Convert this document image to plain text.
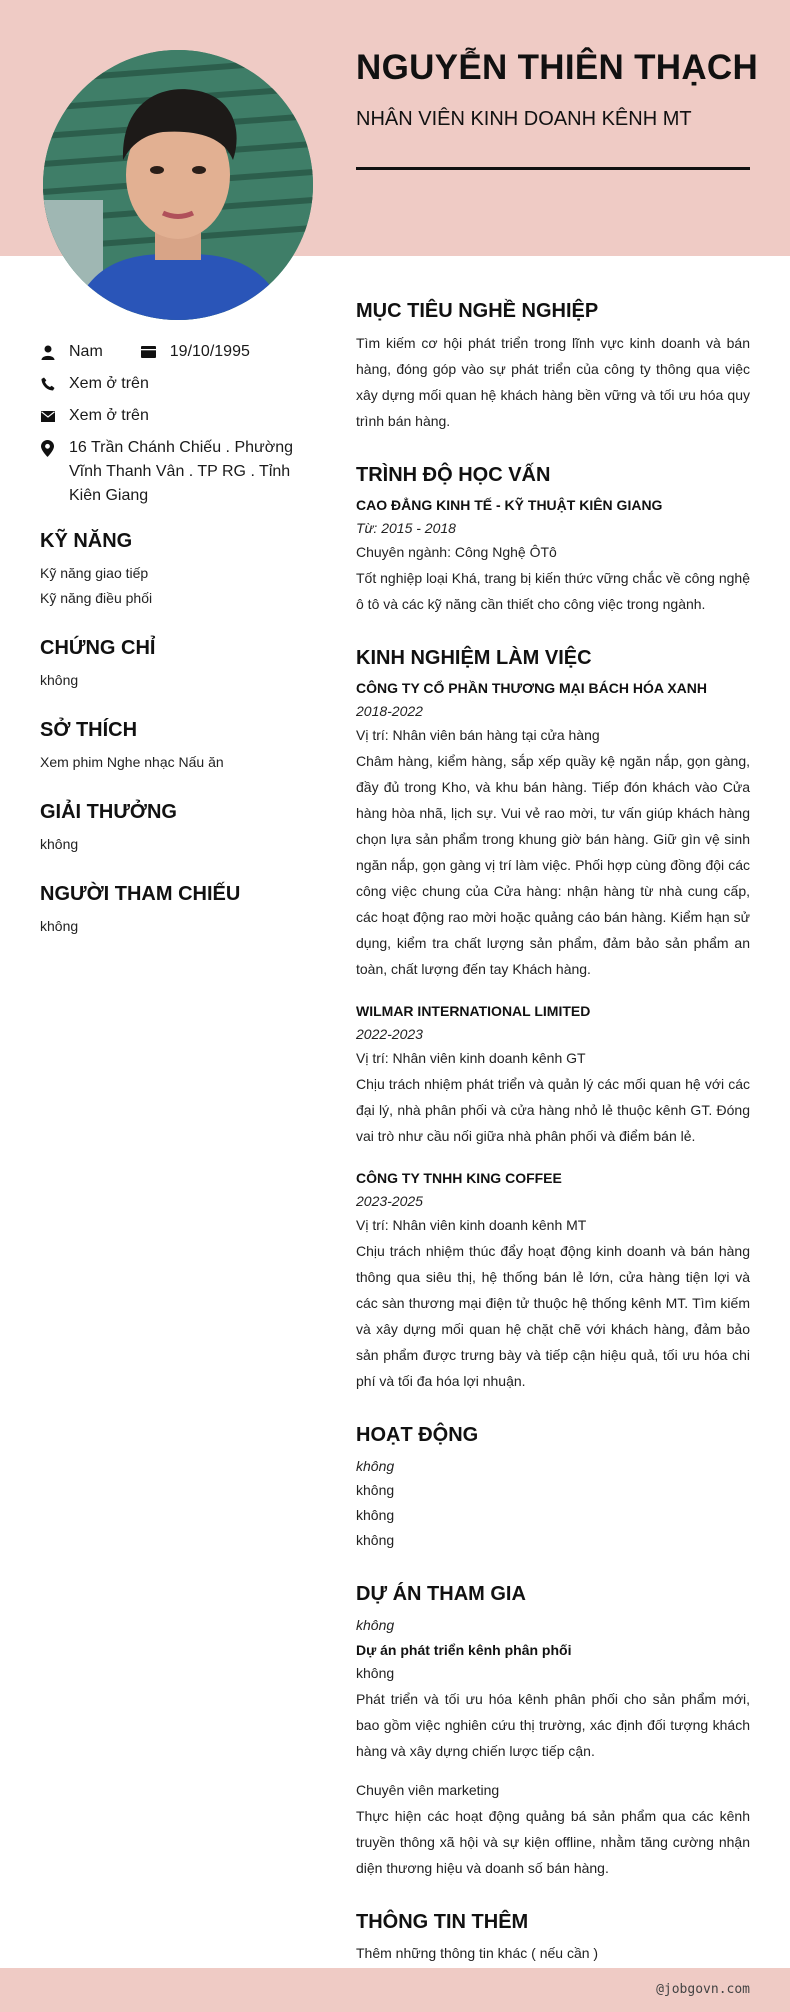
NGUYỄN THIÊN THẠCH
NHÂN VIÊN KINH DOANH KÊNH MT
Nam	19/10/1995
Xem ở trên
Xem ở trên
16 Trần Chánh Chiếu . Phường Vĩnh Thanh Vân . TP RG . Tỉnh Kiên Giang
KỸ NĂNG
Kỹ năng giao tiếp
Kỹ năng điều phối
CHỨNG CHỈ
không
SỞ THÍCH
Xem phim Nghe nhạc Nấu ăn
GIẢI THƯỞNG
không
NGƯỜI THAM CHIẾU
không
MỤC TIÊU NGHỀ NGHIỆP
Tìm kiếm cơ hội phát triển trong lĩnh vực kinh doanh và bán hàng, đóng góp vào sự phát triển của công ty thông qua việc xây dựng mối quan hệ khách hàng bền vững và tối ưu hóa quy trình bán hàng.
TRÌNH ĐỘ HỌC VẤN
CAO ĐẲNG KINH TẾ - KỸ THUẬT KIÊN GIANG
Từ: 2015 - 2018
Chuyên ngành: Công Nghệ ÔTô
Tốt nghiệp loại Khá, trang bị kiến thức vững chắc về công nghệ ô tô và các kỹ năng cần thiết cho công việc trong ngành.
KINH NGHIỆM LÀM VIỆC
CÔNG TY CỔ PHẦN THƯƠNG MẠI BÁCH HÓA XANH
2018-2022
Vị trí: Nhân viên bán hàng tại cửa hàng
Châm hàng, kiểm hàng, sắp xếp quầy kệ ngăn nắp, gọn gàng, đầy đủ trong Kho, và khu bán hàng. Tiếp đón khách vào Cửa hàng hòa nhã, lịch sự. Vui vẻ rao mời, tư vấn giúp khách hàng chọn lựa sản phẩm trong khung giờ bán hàng. Giữ gìn vệ sinh ngăn nắp, gọn gàng vị trí làm việc. Phối hợp cùng đồng đội các công việc chung của Cửa hàng: nhận hàng từ nhà cung cấp, các hoạt động rao mời hoặc quảng cáo bán hàng. Kiểm hạn sử dụng, kiểm tra chất lượng sản phẩm, đảm bảo sản phẩm an toàn, chất lượng đến tay Khách hàng.
WILMAR INTERNATIONAL LIMITED
2022-2023
Vị trí: Nhân viên kinh doanh kênh GT
Chịu trách nhiệm phát triển và quản lý các mối quan hệ với các đại lý, nhà phân phối và cửa hàng nhỏ lẻ thuộc kênh GT. Đóng vai trò như cầu nối giữa nhà phân phối và điểm bán lẻ.
CÔNG TY TNHH KING COFFEE
2023-2025
Vị trí: Nhân viên kinh doanh kênh MT
Chịu trách nhiệm thúc đẩy hoạt động kinh doanh và bán hàng thông qua siêu thị, hệ thống bán lẻ lớn, cửa hàng tiện lợi và các sàn thương mại điện tử thuộc hệ thống kênh MT. Tìm kiếm và xây dựng mối quan hệ chặt chẽ với khách hàng, đảm bảo sản phẩm được trưng bày và tiếp cận hiệu quả, tối ưu hóa chi phí và tối đa hóa lợi nhuận.
HOẠT ĐỘNG
không
không
không
không
DỰ ÁN THAM GIA
không
Dự án phát triển kênh phân phối
không
Phát triển và tối ưu hóa kênh phân phối cho sản phẩm mới, bao gồm việc nghiên cứu thị trường, xác định đối tượng khách hàng và xây dựng chiến lược tiếp cận.
Chuyên viên marketing
Thực hiện các hoạt động quảng bá sản phẩm qua các kênh truyền thông xã hội và sự kiện offline, nhằm tăng cường nhận diện thương hiệu và doanh số bán hàng.
THÔNG TIN THÊM
Thêm những thông tin khác ( nếu cần )
@jobgovn.com
